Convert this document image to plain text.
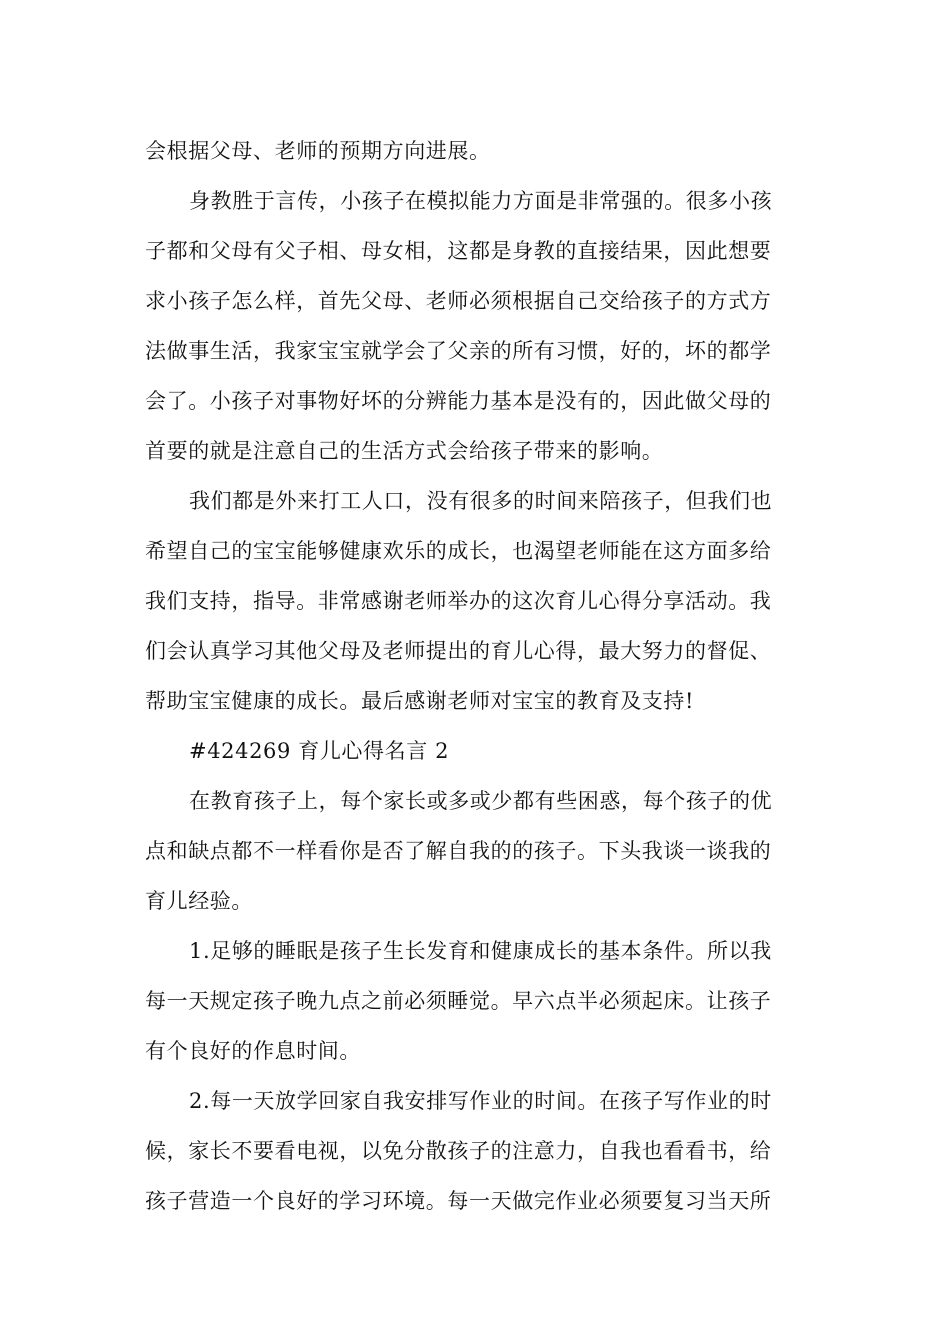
会根据父母、老师的预期方向进展。
身教胜于言传，小孩子在模拟能力方面是非常强的。很多小孩
子都和父母有父子相、母女相，这都是身教的直接结果，因此想要
求小孩子怎么样，首先父母、老师必须根据自己交给孩子的方式方
法做事生活，我家宝宝就学会了父亲的所有习惯，好的，坏的都学
会了。小孩子对事物好坏的分辨能力基本是没有的，因此做父母的
首要的就是注意自己的生活方式会给孩子带来的影响。
我们都是外来打工人口，没有很多的时间来陪孩子，但我们也
希望自己的宝宝能够健康欢乐的成长，也渴望老师能在这方面多给
我们支持，指导。非常感谢老师举办的这次育儿心得分享活动。我
们会认真学习其他父母及老师提出的育儿心得，最大努力的督促、
帮助宝宝健康的成长。最后感谢老师对宝宝的教育及支持!
#424269 育儿心得名言 2
在教育孩子上，每个家长或多或少都有些困惑，每个孩子的优
点和缺点都不一样看你是否了解自我的的孩子。下头我谈一谈我的
育儿经验。
1.足够的睡眠是孩子生长发育和健康成长的基本条件。所以我
每一天规定孩子晚九点之前必须睡觉。早六点半必须起床。让孩子
有个良好的作息时间。
2.每一天放学回家自我安排写作业的时间。在孩子写作业的时
候，家长不要看电视，以免分散孩子的注意力，自我也看看书，给
孩子营造一个良好的学习环境。每一天做完作业必须要复习当天所
